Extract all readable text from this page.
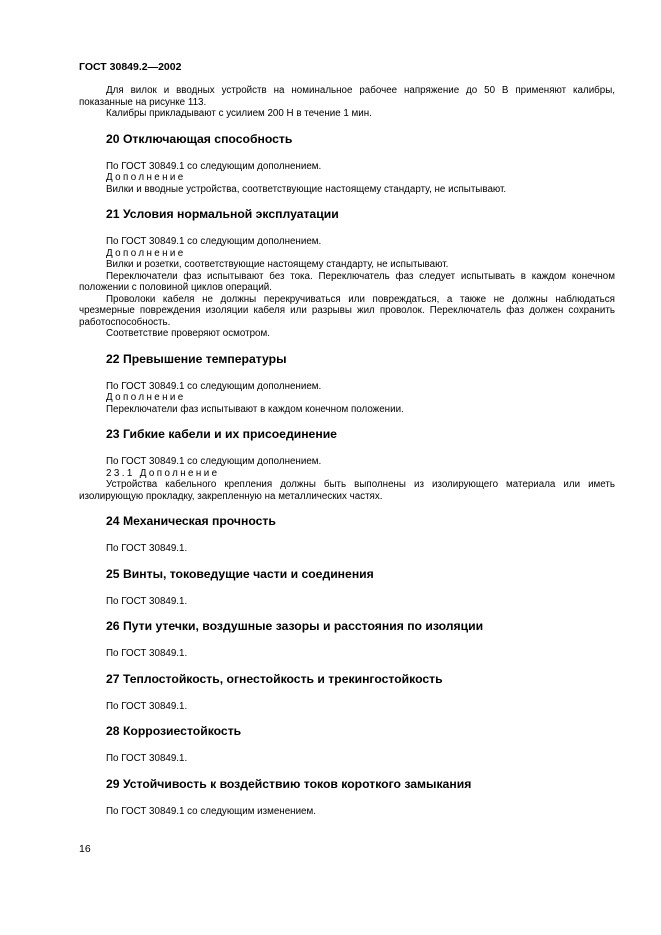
ГОСТ 30849.2—2002

Для вилок и вводных устройств на номинальное рабочее напряжение до 50 В применяют калибры, показанные на рисунке 113.

Калибры прикладывают с усилием 200 Н в течение 1 мин.

20 Отключающая способность

По ГОСТ 30849.1 со следующим дополнением.

Дополнение

Вилки и вводные устройства, соответствующие настоящему стандарту, не испытывают.

21 Условия нормальной эксплуатации

По ГОСТ 30849.1 со следующим дополнением.

Дополнение

Вилки и розетки, соответствующие настоящему стандарту, не испытывают.

Переключатели фаз испытывают без тока. Переключатель фаз следует испытывать в каждом конечном положении с половиной циклов операций.

Проволоки кабеля не должны перекручиваться или повреждаться, а также не должны наблюдаться чрезмерные повреждения изоляции кабеля или разрывы жил проволок. Переключатель фаз должен сохранить работоспособность.

Соответствие проверяют осмотром.

22 Превышение температуры

По ГОСТ 30849.1 со следующим дополнением.

Дополнение

Переключатели фаз испытывают в каждом конечном положении.

23 Гибкие кабели и их присоединение

По ГОСТ 30849.1 со следующим дополнением.

23.1 Дополнение

Устройства кабельного крепления должны быть выполнены из изолирующего материала или иметь изолирующую прокладку, закрепленную на металлических частях.

24 Механическая прочность

По ГОСТ 30849.1.

25 Винты, токоведущие части и соединения

По ГОСТ 30849.1.

26 Пути утечки, воздушные зазоры и расстояния по изоляции

По ГОСТ 30849.1.

27 Теплостойкость, огнестойкость и трекингостойкость

По ГОСТ 30849.1.

28 Коррозиестойкость

По ГОСТ 30849.1.

29 Устойчивость к воздействию токов короткого замыкания

По ГОСТ 30849.1 со следующим изменением.

16
